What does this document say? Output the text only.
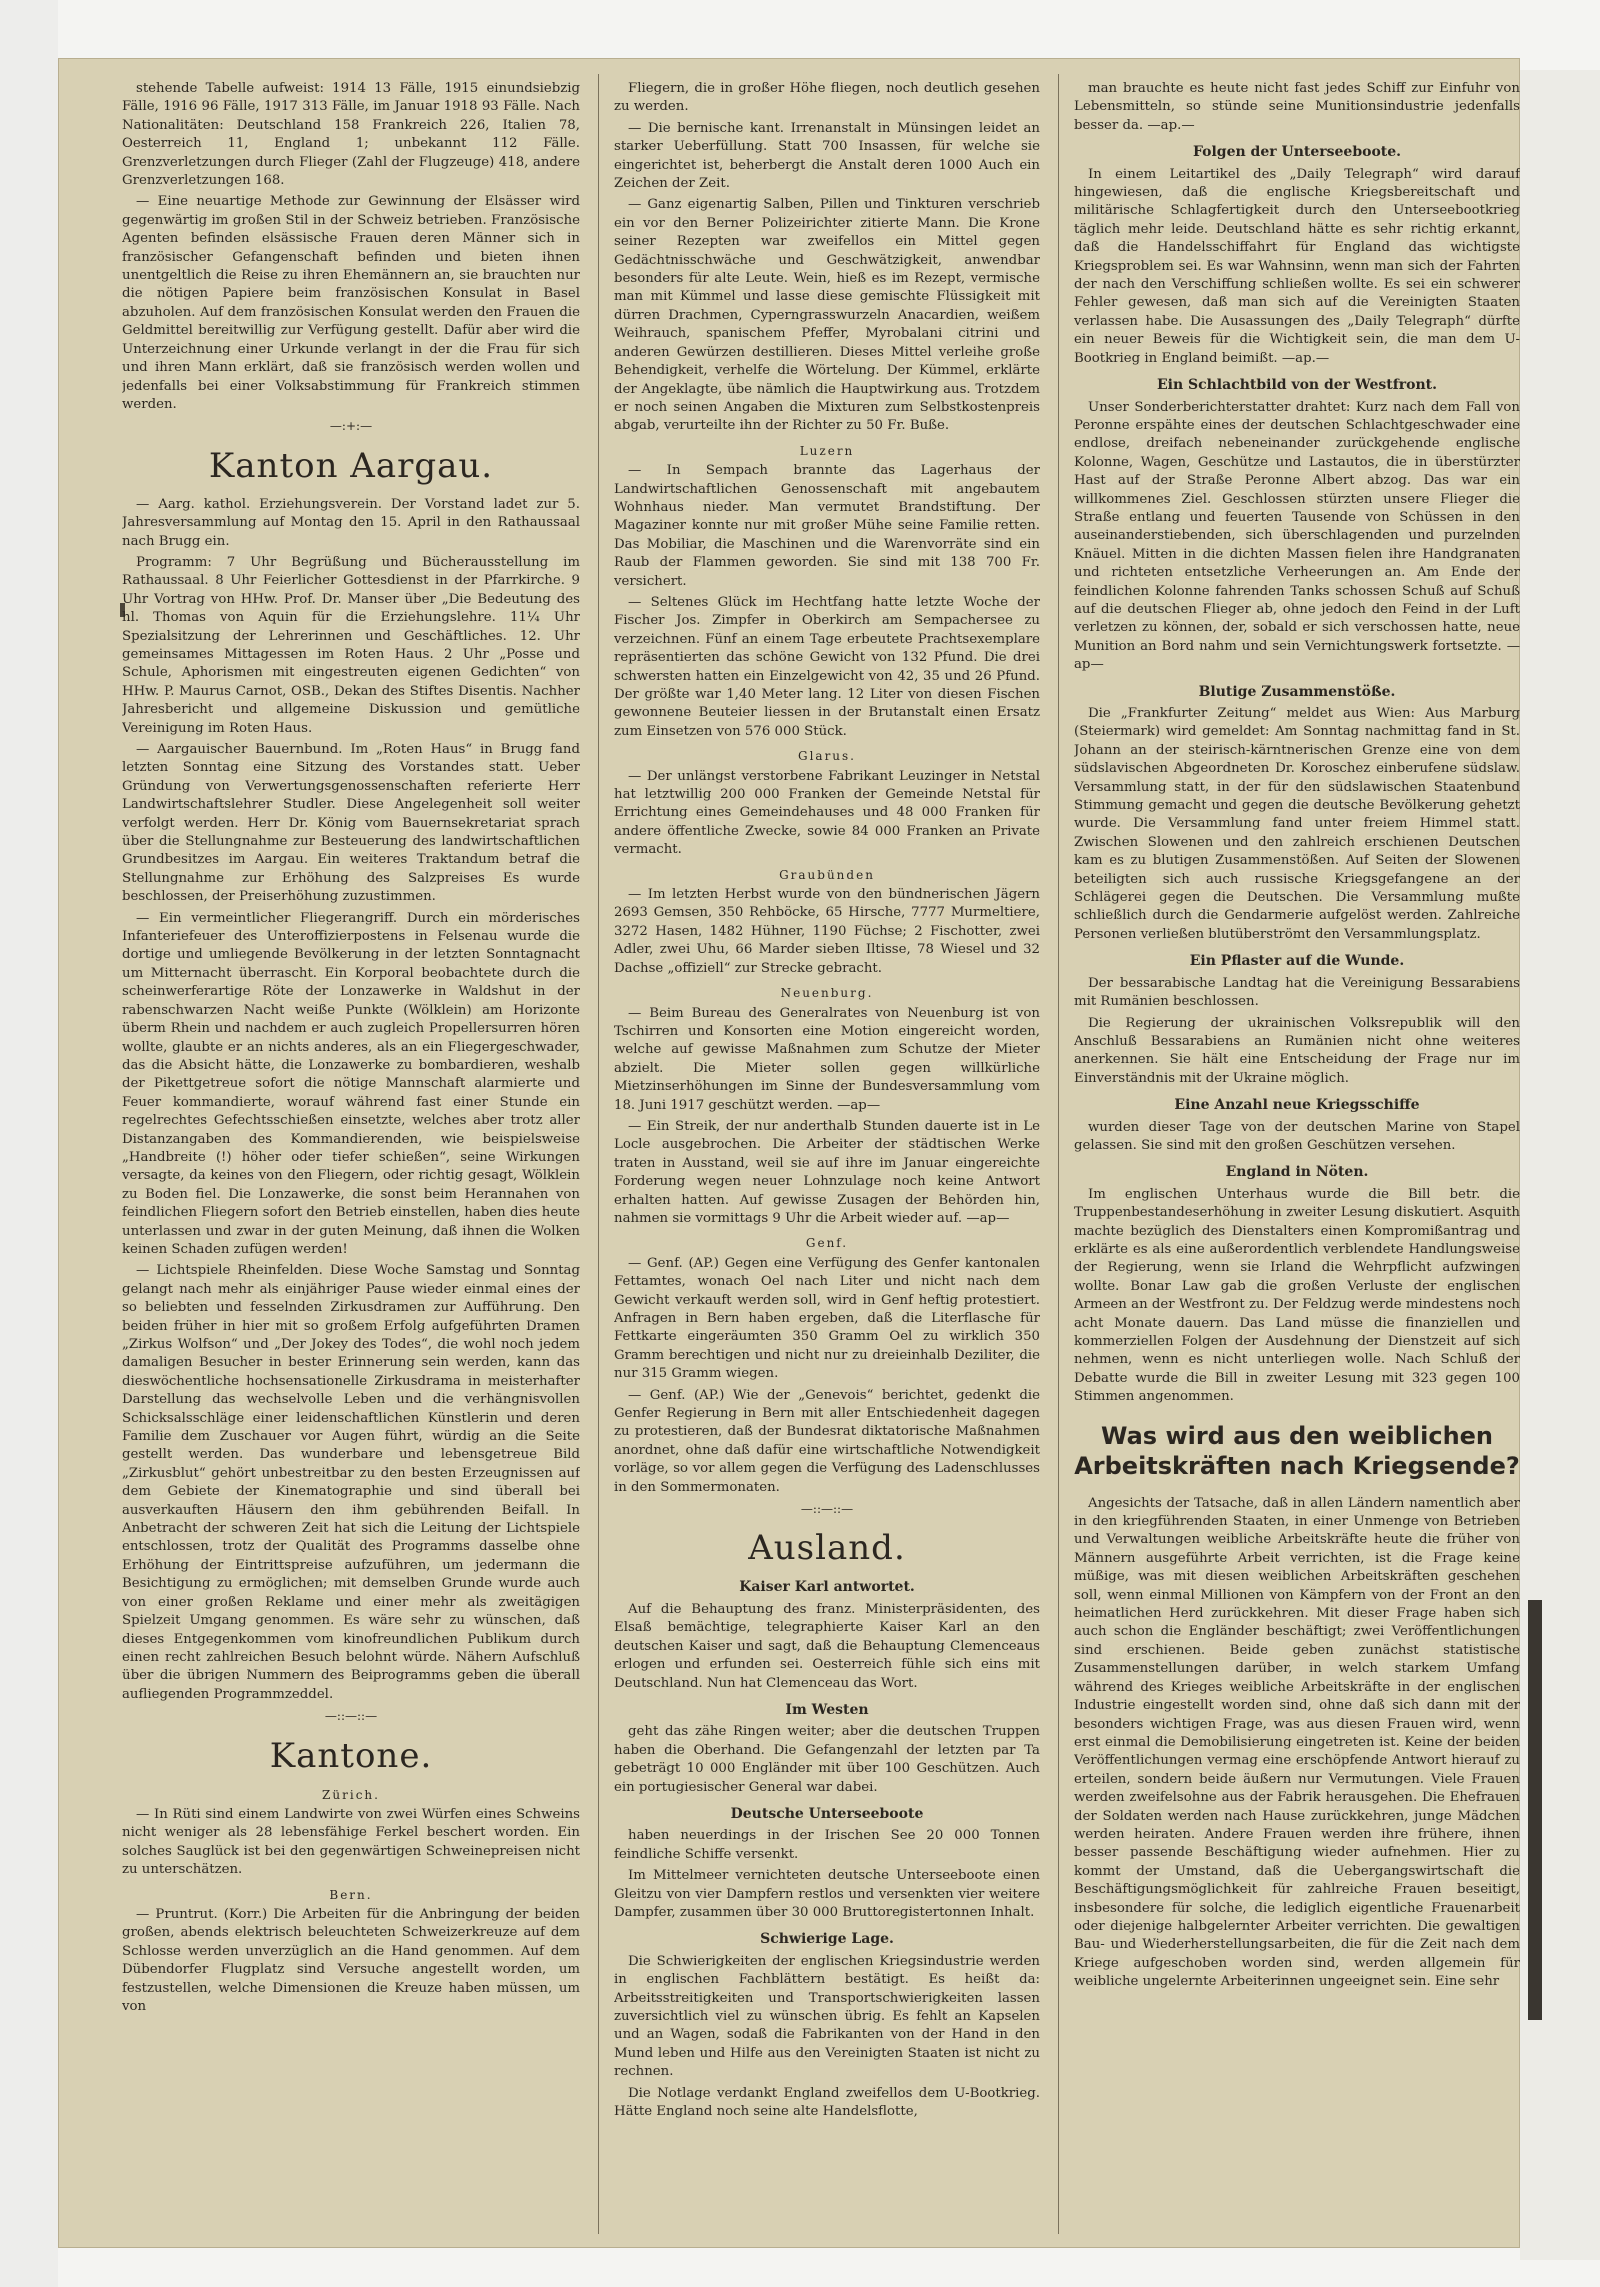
stehende Tabelle aufweist: 1914 13 Fälle, 1915 einundsiebzig Fälle, 1916 96 Fälle, 1917 313 Fälle, im Januar 1918 93 Fälle. Nach Nationalitäten: Deutschland 158 Frankreich 226, Italien 78, Oesterreich 11, England 1; unbekannt 112 Fälle. Grenzverletzungen durch Flieger (Zahl der Flugzeuge) 418, andere Grenzverletzungen 168.

— Eine neuartige Methode zur Gewinnung der Elsässer wird gegenwärtig im großen Stil in der Schweiz betrieben. Französische Agenten befinden elsässische Frauen deren Männer sich in französischer Gefangenschaft befinden und bieten ihnen unentgeltlich die Reise zu ihren Ehemännern an, sie brauchten nur die nötigen Papiere beim französischen Konsulat in Basel abzuholen. Auf dem französischen Konsulat werden den Frauen die Geldmittel bereitwillig zur Verfügung gestellt. Dafür aber wird die Unterzeichnung einer Urkunde verlangt in der die Frau für sich und ihren Mann erklärt, daß sie französisch werden wollen und jedenfalls bei einer Volksabstimmung für Frankreich stimmen werden.

—:+:—
Kanton Aargau.

— Aarg. kathol. Erziehungsverein. Der Vorstand ladet zur 5. Jahresversammlung auf Montag den 15. April in den Rathaussaal nach Brugg ein.

Programm: 7 Uhr Begrüßung und Bücherausstellung im Rathaussaal. 8 Uhr Feierlicher Gottesdienst in der Pfarrkirche. 9 Uhr Vortrag von HHw. Prof. Dr. Manser über „Die Bedeutung des hl. Thomas von Aquin für die Erziehungslehre. 11¼ Uhr Spezialsitzung der Lehrerinnen und Geschäftliches. 12. Uhr gemeinsames Mittagessen im Roten Haus. 2 Uhr „Posse und Schule, Aphorismen mit eingestreuten eigenen Gedichten“ von HHw. P. Maurus Carnot, OSB., Dekan des Stiftes Disentis. Nachher Jahresbericht und allgemeine Diskussion und gemütliche Vereinigung im Roten Haus.

— Aargauischer Bauernbund. Im „Roten Haus“ in Brugg fand letzten Sonntag eine Sitzung des Vorstandes statt. Ueber Gründung von Verwertungsgenossenschaften referierte Herr Landwirtschaftslehrer Studler. Diese Angelegenheit soll weiter verfolgt werden. Herr Dr. König vom Bauernsekretariat sprach über die Stellungnahme zur Besteuerung des landwirtschaftlichen Grundbesitzes im Aargau. Ein weiteres Traktandum betraf die Stellungnahme zur Erhöhung des Salzpreises Es wurde beschlossen, der Preiserhöhung zuzustimmen.

— Ein vermeintlicher Fliegerangriff. Durch ein mörderisches Infanteriefeuer des Unteroffizierpostens in Felsenau wurde die dortige und umliegende Bevölkerung in der letzten Sonntagnacht um Mitternacht überrascht. Ein Korporal beobachtete durch die scheinwerferartige Röte der Lonzawerke in Waldshut in der rabenschwarzen Nacht weiße Punkte (Wölklein) am Horizonte überm Rhein und nachdem er auch zugleich Propellersurren hören wollte, glaubte er an nichts anderes, als an ein Fliegergeschwader, das die Absicht hätte, die Lonzawerke zu bombardieren, weshalb der Pikettgetreue sofort die nötige Mannschaft alarmierte und Feuer kommandierte, worauf während fast einer Stunde ein regelrechtes Gefechtsschießen einsetzte, welches aber trotz aller Distanzangaben des Kommandierenden, wie beispielsweise „Handbreite (!) höher oder tiefer schießen“, seine Wirkungen versagte, da keines von den Fliegern, oder richtig gesagt, Wölklein zu Boden fiel. Die Lonzawerke, die sonst beim Herannahen von feindlichen Fliegern sofort den Betrieb einstellen, haben dies heute unterlassen und zwar in der guten Meinung, daß ihnen die Wolken keinen Schaden zufügen werden!

— Lichtspiele Rheinfelden. Diese Woche Samstag und Sonntag gelangt nach mehr als einjähriger Pause wieder einmal eines der so beliebten und fesselnden Zirkusdramen zur Aufführung. Den beiden früher in hier mit so großem Erfolg aufgeführten Dramen „Zirkus Wolfson“ und „Der Jokey des Todes“, die wohl noch jedem damaligen Besucher in bester Erinnerung sein werden, kann das dieswöchentliche hochsensationelle Zirkusdrama in meisterhafter Darstellung das wechselvolle Leben und die verhängnisvollen Schicksalsschläge einer leidenschaftlichen Künstlerin und deren Familie dem Zuschauer vor Augen führt, würdig an die Seite gestellt werden. Das wunderbare und lebensgetreue Bild „Zirkusblut“ gehört unbestreitbar zu den besten Erzeugnissen auf dem Gebiete der Kinematographie und sind überall bei ausverkauften Häusern den ihm gebührenden Beifall. In Anbetracht der schweren Zeit hat sich die Leitung der Lichtspiele entschlossen, trotz der Qualität des Programms dasselbe ohne Erhöhung der Eintrittspreise aufzuführen, um jedermann die Besichtigung zu ermöglichen; mit demselben Grunde wurde auch von einer großen Reklame und einer mehr als zweitägigen Spielzeit Umgang genommen. Es wäre sehr zu wünschen, daß dieses Entgegenkommen vom kinofreundlichen Publikum durch einen recht zahlreichen Besuch belohnt würde. Nähern Aufschluß über die übrigen Nummern des Beiprogramms geben die überall aufliegenden Programmzeddel.

—::—::—
Kantone.
Zürich.

— In Rüti sind einem Landwirte von zwei Würfen eines Schweins nicht weniger als 28 lebensfähige Ferkel beschert worden. Ein solches Sauglück ist bei den gegenwärtigen Schweinepreisen nicht zu unterschätzen.

Bern.

— Pruntrut. (Korr.) Die Arbeiten für die Anbringung der beiden großen, abends elektrisch beleuchteten Schweizerkreuze auf dem Schlosse werden unverzüglich an die Hand genommen. Auf dem Dübendorfer Flugplatz sind Versuche angestellt worden, um festzustellen, welche Dimensionen die Kreuze haben müssen, um von

Fliegern, die in großer Höhe fliegen, noch deutlich gesehen zu werden.

— Die bernische kant. Irrenanstalt in Münsingen leidet an starker Ueberfüllung. Statt 700 Insassen, für welche sie eingerichtet ist, beherbergt die Anstalt deren 1000 Auch ein Zeichen der Zeit.

— Ganz eigenartig Salben, Pillen und Tinkturen verschrieb ein vor den Berner Polizeirichter zitierte Mann. Die Krone seiner Rezepten war zweifellos ein Mittel gegen Gedächtnisschwäche und Geschwätzigkeit, anwendbar besonders für alte Leute. Wein, hieß es im Rezept, vermische man mit Kümmel und lasse diese gemischte Flüssigkeit mit dürren Drachmen, Cyperngrasswurzeln Anacardien, weißem Weihrauch, spanischem Pfeffer, Myrobalani citrini und anderen Gewürzen destillieren. Dieses Mittel verleihe große Behendigkeit, verhelfe die Wörtelung. Der Kümmel, erklärte der Angeklagte, übe nämlich die Hauptwirkung aus. Trotzdem er noch seinen Angaben die Mixturen zum Selbstkostenpreis abgab, verurteilte ihn der Richter zu 50 Fr. Buße.

Luzern

— In Sempach brannte das Lagerhaus der Landwirtschaftlichen Genossenschaft mit angebautem Wohnhaus nieder. Man vermutet Brandstiftung. Der Magaziner konnte nur mit großer Mühe seine Familie retten. Das Mobiliar, die Maschinen und die Warenvorräte sind ein Raub der Flammen geworden. Sie sind mit 138 700 Fr. versichert.

— Seltenes Glück im Hechtfang hatte letzte Woche der Fischer Jos. Zimpfer in Oberkirch am Sempachersee zu verzeichnen. Fünf an einem Tage erbeutete Prachtsexemplare repräsentierten das schöne Gewicht von 132 Pfund. Die drei schwersten hatten ein Einzelgewicht von 42, 35 und 26 Pfund. Der größte war 1,40 Meter lang. 12 Liter von diesen Fischen gewonnene Beuteier liessen in der Brutanstalt einen Ersatz zum Einsetzen von 576 000 Stück.

Glarus.

— Der unlängst verstorbene Fabrikant Leuzinger in Netstal hat letztwillig 200 000 Franken der Gemeinde Netstal für Errichtung eines Gemeindehauses und 48 000 Franken für andere öffentliche Zwecke, sowie 84 000 Franken an Private vermacht.

Graubünden

— Im letzten Herbst wurde von den bündnerischen Jägern 2693 Gemsen, 350 Rehböcke, 65 Hirsche, 7777 Murmeltiere, 3272 Hasen, 1482 Hühner, 1190 Füchse; 2 Fischotter, zwei Adler, zwei Uhu, 66 Marder sieben Iltisse, 78 Wiesel und 32 Dachse „offiziell“ zur Strecke gebracht.

Neuenburg.

— Beim Bureau des Generalrates von Neuenburg ist von Tschirren und Konsorten eine Motion eingereicht worden, welche auf gewisse Maßnahmen zum Schutze der Mieter abzielt. Die Mieter sollen gegen willkürliche Mietzinserhöhungen im Sinne der Bundesversammlung vom 18. Juni 1917 geschützt werden. —ap—

— Ein Streik, der nur anderthalb Stunden dauerte ist in Le Locle ausgebrochen. Die Arbeiter der städtischen Werke traten in Ausstand, weil sie auf ihre im Januar eingereichte Forderung wegen neuer Lohnzulage noch keine Antwort erhalten hatten. Auf gewisse Zusagen der Behörden hin, nahmen sie vormittags 9 Uhr die Arbeit wieder auf. —ap—

Genf.

— Genf. (AP.) Gegen eine Verfügung des Genfer kantonalen Fettamtes, wonach Oel nach Liter und nicht nach dem Gewicht verkauft werden soll, wird in Genf heftig protestiert. Anfragen in Bern haben ergeben, daß die Literflasche für Fettkarte eingeräumten 350 Gramm Oel zu wirklich 350 Gramm berechtigen und nicht nur zu dreieinhalb Deziliter, die nur 315 Gramm wiegen.

— Genf. (AP.) Wie der „Genevois“ berichtet, gedenkt die Genfer Regierung in Bern mit aller Entschiedenheit dagegen zu protestieren, daß der Bundesrat diktatorische Maßnahmen anordnet, ohne daß dafür eine wirtschaftliche Notwendigkeit vorläge, so vor allem gegen die Verfügung des Ladenschlusses in den Sommermonaten.

—::—::—
Ausland.
Kaiser Karl antwortet.

Auf die Behauptung des franz. Ministerpräsidenten, des Elsaß bemächtige, telegraphierte Kaiser Karl an den deutschen Kaiser und sagt, daß die Behauptung Clemenceaus erlogen und erfunden sei. Oesterreich fühle sich eins mit Deutschland. Nun hat Clemenceau das Wort.

Im Westen

geht das zähe Ringen weiter; aber die deutschen Truppen haben die Oberhand. Die Gefangenzahl der letzten par Ta gebeträgt 10 000 Engländer mit über 100 Geschützen. Auch ein portugiesischer General war dabei.

Deutsche Unterseeboote

haben neuerdings in der Irischen See 20 000 Tonnen feindliche Schiffe versenkt.

Im Mittelmeer vernichteten deutsche Unterseeboote einen Gleitzu von vier Dampfern restlos und versenkten vier weitere Dampfer, zusammen über 30 000 Bruttoregistertonnen Inhalt.

Schwierige Lage.

Die Schwierigkeiten der englischen Kriegsindustrie werden in englischen Fachblättern bestätigt. Es heißt da: Arbeitsstreitigkeiten und Transportschwierigkeiten lassen zuversichtlich viel zu wünschen übrig. Es fehlt an Kapselen und an Wagen, sodaß die Fabrikanten von der Hand in den Mund leben und Hilfe aus den Vereinigten Staaten ist nicht zu rechnen.

Die Notlage verdankt England zweifellos dem U-Bootkrieg. Hätte England noch seine alte Handelsflotte,

man brauchte es heute nicht fast jedes Schiff zur Einfuhr von Lebensmitteln, so stünde seine Munitionsindustrie jedenfalls besser da. —ap.—

Folgen der Unterseeboote.

In einem Leitartikel des „Daily Telegraph“ wird darauf hingewiesen, daß die englische Kriegsbereitschaft und militärische Schlagfertigkeit durch den Unterseebootkrieg täglich mehr leide. Deutschland hätte es sehr richtig erkannt, daß die Handelsschiffahrt für England das wichtigste Kriegsproblem sei. Es war Wahnsinn, wenn man sich der Fahrten der nach den Verschiffung schließen wollte. Es sei ein schwerer Fehler gewesen, daß man sich auf die Vereinigten Staaten verlassen habe. Die Ausassungen des „Daily Telegraph“ dürfte ein neuer Beweis für die Wichtigkeit sein, die man dem U-Bootkrieg in England beimißt. —ap.—

Ein Schlachtbild von der Westfront.

Unser Sonderberichterstatter drahtet: Kurz nach dem Fall von Peronne erspähte eines der deutschen Schlachtgeschwader eine endlose, dreifach nebeneinander zurückgehende englische Kolonne, Wagen, Geschütze und Lastautos, die in überstürzter Hast auf der Straße Peronne Albert abzog. Das war ein willkommenes Ziel. Geschlossen stürzten unsere Flieger die Straße entlang und feuerten Tausende von Schüssen in den auseinanderstiebenden, sich überschlagenden und purzelnden Knäuel. Mitten in die dichten Massen fielen ihre Handgranaten und richteten entsetzliche Verheerungen an. Am Ende der feindlichen Kolonne fahrenden Tanks schossen Schuß auf Schuß auf die deutschen Flieger ab, ohne jedoch den Feind in der Luft verletzen zu können, der, sobald er sich verschossen hatte, neue Munition an Bord nahm und sein Vernichtungswerk fortsetzte. —ap—

Blutige Zusammenstöße.

Die „Frankfurter Zeitung“ meldet aus Wien: Aus Marburg (Steiermark) wird gemeldet: Am Sonntag nachmittag fand in St. Johann an der steirisch-kärntnerischen Grenze eine von dem südslavischen Abgeordneten Dr. Koroschez einberufene südslaw. Versammlung statt, in der für den südslawischen Staatenbund Stimmung gemacht und gegen die deutsche Bevölkerung gehetzt wurde. Die Versammlung fand unter freiem Himmel statt. Zwischen Slowenen und den zahlreich erschienen Deutschen kam es zu blutigen Zusammenstößen. Auf Seiten der Slowenen beteiligten sich auch russische Kriegsgefangene an der Schlägerei gegen die Deutschen. Die Versammlung mußte schließlich durch die Gendarmerie aufgelöst werden. Zahlreiche Personen verließen blutüberströmt den Versammlungsplatz.

Ein Pflaster auf die Wunde.

Der bessarabische Landtag hat die Vereinigung Bessarabiens mit Rumänien beschlossen.

Die Regierung der ukrainischen Volksrepublik will den Anschluß Bessarabiens an Rumänien nicht ohne weiteres anerkennen. Sie hält eine Entscheidung der Frage nur im Einverständnis mit der Ukraine möglich.

Eine Anzahl neue Kriegsschiffe

wurden dieser Tage von der deutschen Marine von Stapel gelassen. Sie sind mit den großen Geschützen versehen.

England in Nöten.

Im englischen Unterhaus wurde die Bill betr. die Truppenbestandeserhöhung in zweiter Lesung diskutiert. Asquith machte bezüglich des Dienstalters einen Kompromißantrag und erklärte es als eine außerordentlich verblendete Handlungsweise der Regierung, wenn sie Irland die Wehrpflicht aufzwingen wollte. Bonar Law gab die großen Verluste der englischen Armeen an der Westfront zu. Der Feldzug werde mindestens noch acht Monate dauern. Das Land müsse die finanziellen und kommerziellen Folgen der Ausdehnung der Dienstzeit auf sich nehmen, wenn es nicht unterliegen wolle. Nach Schluß der Debatte wurde die Bill in zweiter Lesung mit 323 gegen 100 Stimmen angenommen.

Was wird aus den weiblichen Arbeitskräften nach Kriegsende?

Angesichts der Tatsache, daß in allen Ländern namentlich aber in den kriegführenden Staaten, in einer Unmenge von Betrieben und Verwaltungen weibliche Arbeitskräfte heute die früher von Männern ausgeführte Arbeit verrichten, ist die Frage keine müßige, was mit diesen weiblichen Arbeitskräften geschehen soll, wenn einmal Millionen von Kämpfern von der Front an den heimatlichen Herd zurückkehren. Mit dieser Frage haben sich auch schon die Engländer beschäftigt; zwei Veröffentlichungen sind erschienen. Beide geben zunächst statistische Zusammenstellungen darüber, in welch starkem Umfang während des Krieges weibliche Arbeitskräfte in der englischen Industrie eingestellt worden sind, ohne daß sich dann mit der besonders wichtigen Frage, was aus diesen Frauen wird, wenn erst einmal die Demobilisierung eingetreten ist. Keine der beiden Veröffentlichungen vermag eine erschöpfende Antwort hierauf zu erteilen, sondern beide äußern nur Vermutungen. Viele Frauen werden zweifelsohne aus der Fabrik herausgehen. Die Ehefrauen der Soldaten werden nach Hause zurückkehren, junge Mädchen werden heiraten. Andere Frauen werden ihre frühere, ihnen besser passende Beschäftigung wieder aufnehmen. Hier zu kommt der Umstand, daß die Uebergangswirtschaft die Beschäftigungsmöglichkeit für zahlreiche Frauen beseitigt, insbesondere für solche, die lediglich eigentliche Frauenarbeit oder diejenige halbgelernter Arbeiter verrichten. Die gewaltigen Bau- und Wiederherstellungsarbeiten, die für die Zeit nach dem Kriege aufgeschoben worden sind, werden allgemein für weibliche ungelernte Arbeiterinnen ungeeignet sein. Eine sehr
